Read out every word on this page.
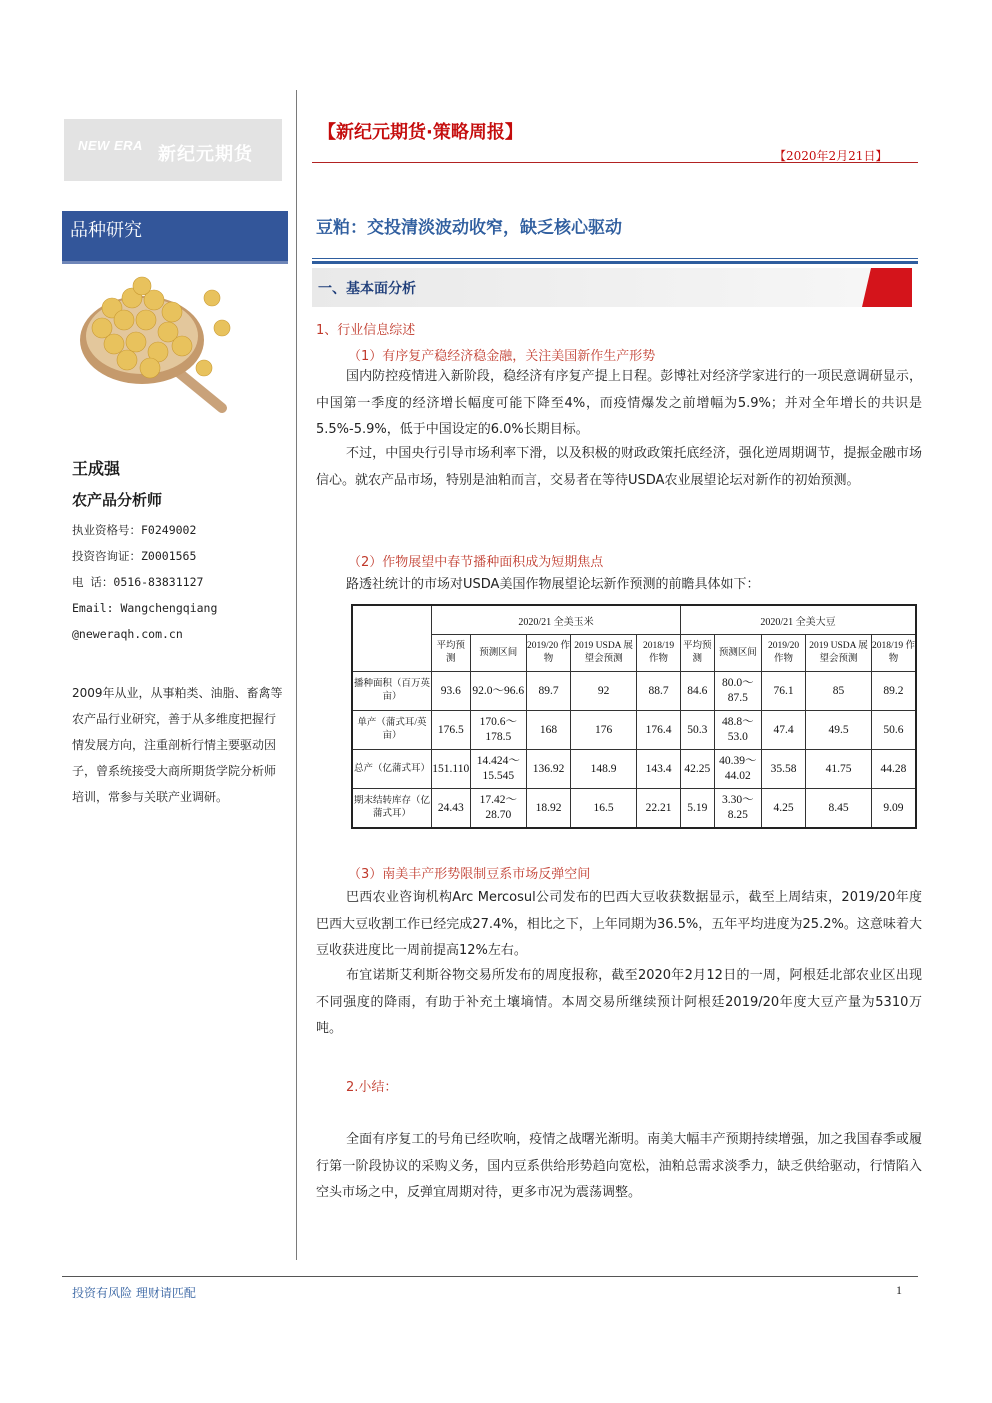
NEW ERA 新纪元期货
品种研究
王成强
农产品分析师
执业资格号：F0249002
投资咨询证：Z0001565
电 话：0516-83831127
Email: Wangchengqiang
@neweraqh.com.cn
2009年从业，从事粕类、油脂、畜禽等农产品行业研究，善于从多维度把握行情发展方向，注重剖析行情主要驱动因子，曾系统接受大商所期货学院分析师培训，常参与关联产业调研。
【新纪元期货·策略周报】
【2020年2月21日】
豆粕：交投清淡波动收窄，缺乏核心驱动
一、基本面分析
1、行业信息综述
（1）有序复产稳经济稳金融，关注美国新作生产形势
国内防控疫情进入新阶段，稳经济有序复产提上日程。彭博社对经济学家进行的一项民意调研显示，中国第一季度的经济增长幅度可能下降至4%，而疫情爆发之前增幅为5.9%；并对全年增长的共识是5.5%-5.9%，低于中国设定的6.0%长期目标。
不过，中国央行引导市场利率下滑，以及积极的财政政策托底经济，强化逆周期调节，提振金融市场信心。就农产品市场，特别是油粕而言，交易者在等待USDA农业展望论坛对新作的初始预测。
（2）作物展望中春节播种面积成为短期焦点
路透社统计的市场对USDA美国作物展望论坛新作预测的前瞻具体如下：
	2020/21 全美玉米					2020/21 全美大豆				
	平均预测	预测区间	2019/20 作物	2019 USDA 展望会预测	2018/19 作物	平均预测	预测区间	2019/20 作物	2019 USDA 展望会预测	2018/19 作物
播种面积（百万英亩）	93.6	92.0～96.6	89.7	92	88.7	84.6	80.0～87.5	76.1	85	89.2
单产（蒲式耳/英亩）	176.5	170.6～178.5	168	176	176.4	50.3	48.8～53.0	47.4	49.5	50.6
总产（亿蒲式耳）	151.110	14.424～15.545	136.92	148.9	143.4	42.25	40.39～44.02	35.58	41.75	44.28
期末结转库存（亿蒲式耳）	24.43	17.42～28.70	18.92	16.5	22.21	5.19	3.30～8.25	4.25	8.45	9.09
（3）南美丰产形势限制豆系市场反弹空间
巴西农业咨询机构Arc Mercosul公司发布的巴西大豆收获数据显示，截至上周结束，2019/20年度巴西大豆收割工作已经完成27.4%，相比之下，上年同期为36.5%，五年平均进度为25.2%。这意味着大豆收获进度比一周前提高12%左右。
布宜诺斯艾利斯谷物交易所发布的周度报称，截至2020年2月12日的一周，阿根廷北部农业区出现不同强度的降雨，有助于补充土壤墒情。本周交易所继续预计阿根廷2019/20年度大豆产量为5310万吨。
2.小结：
全面有序复工的号角已经吹响，疫情之战曙光渐明。南美大幅丰产预期持续增强，加之我国春季或履行第一阶段协议的采购义务，国内豆系供给形势趋向宽松，油粕总需求淡季力，缺乏供给驱动，行情陷入空头市场之中，反弹宜周期对待，更多市况为震荡调整。
投资有风险 理财请匹配	1
